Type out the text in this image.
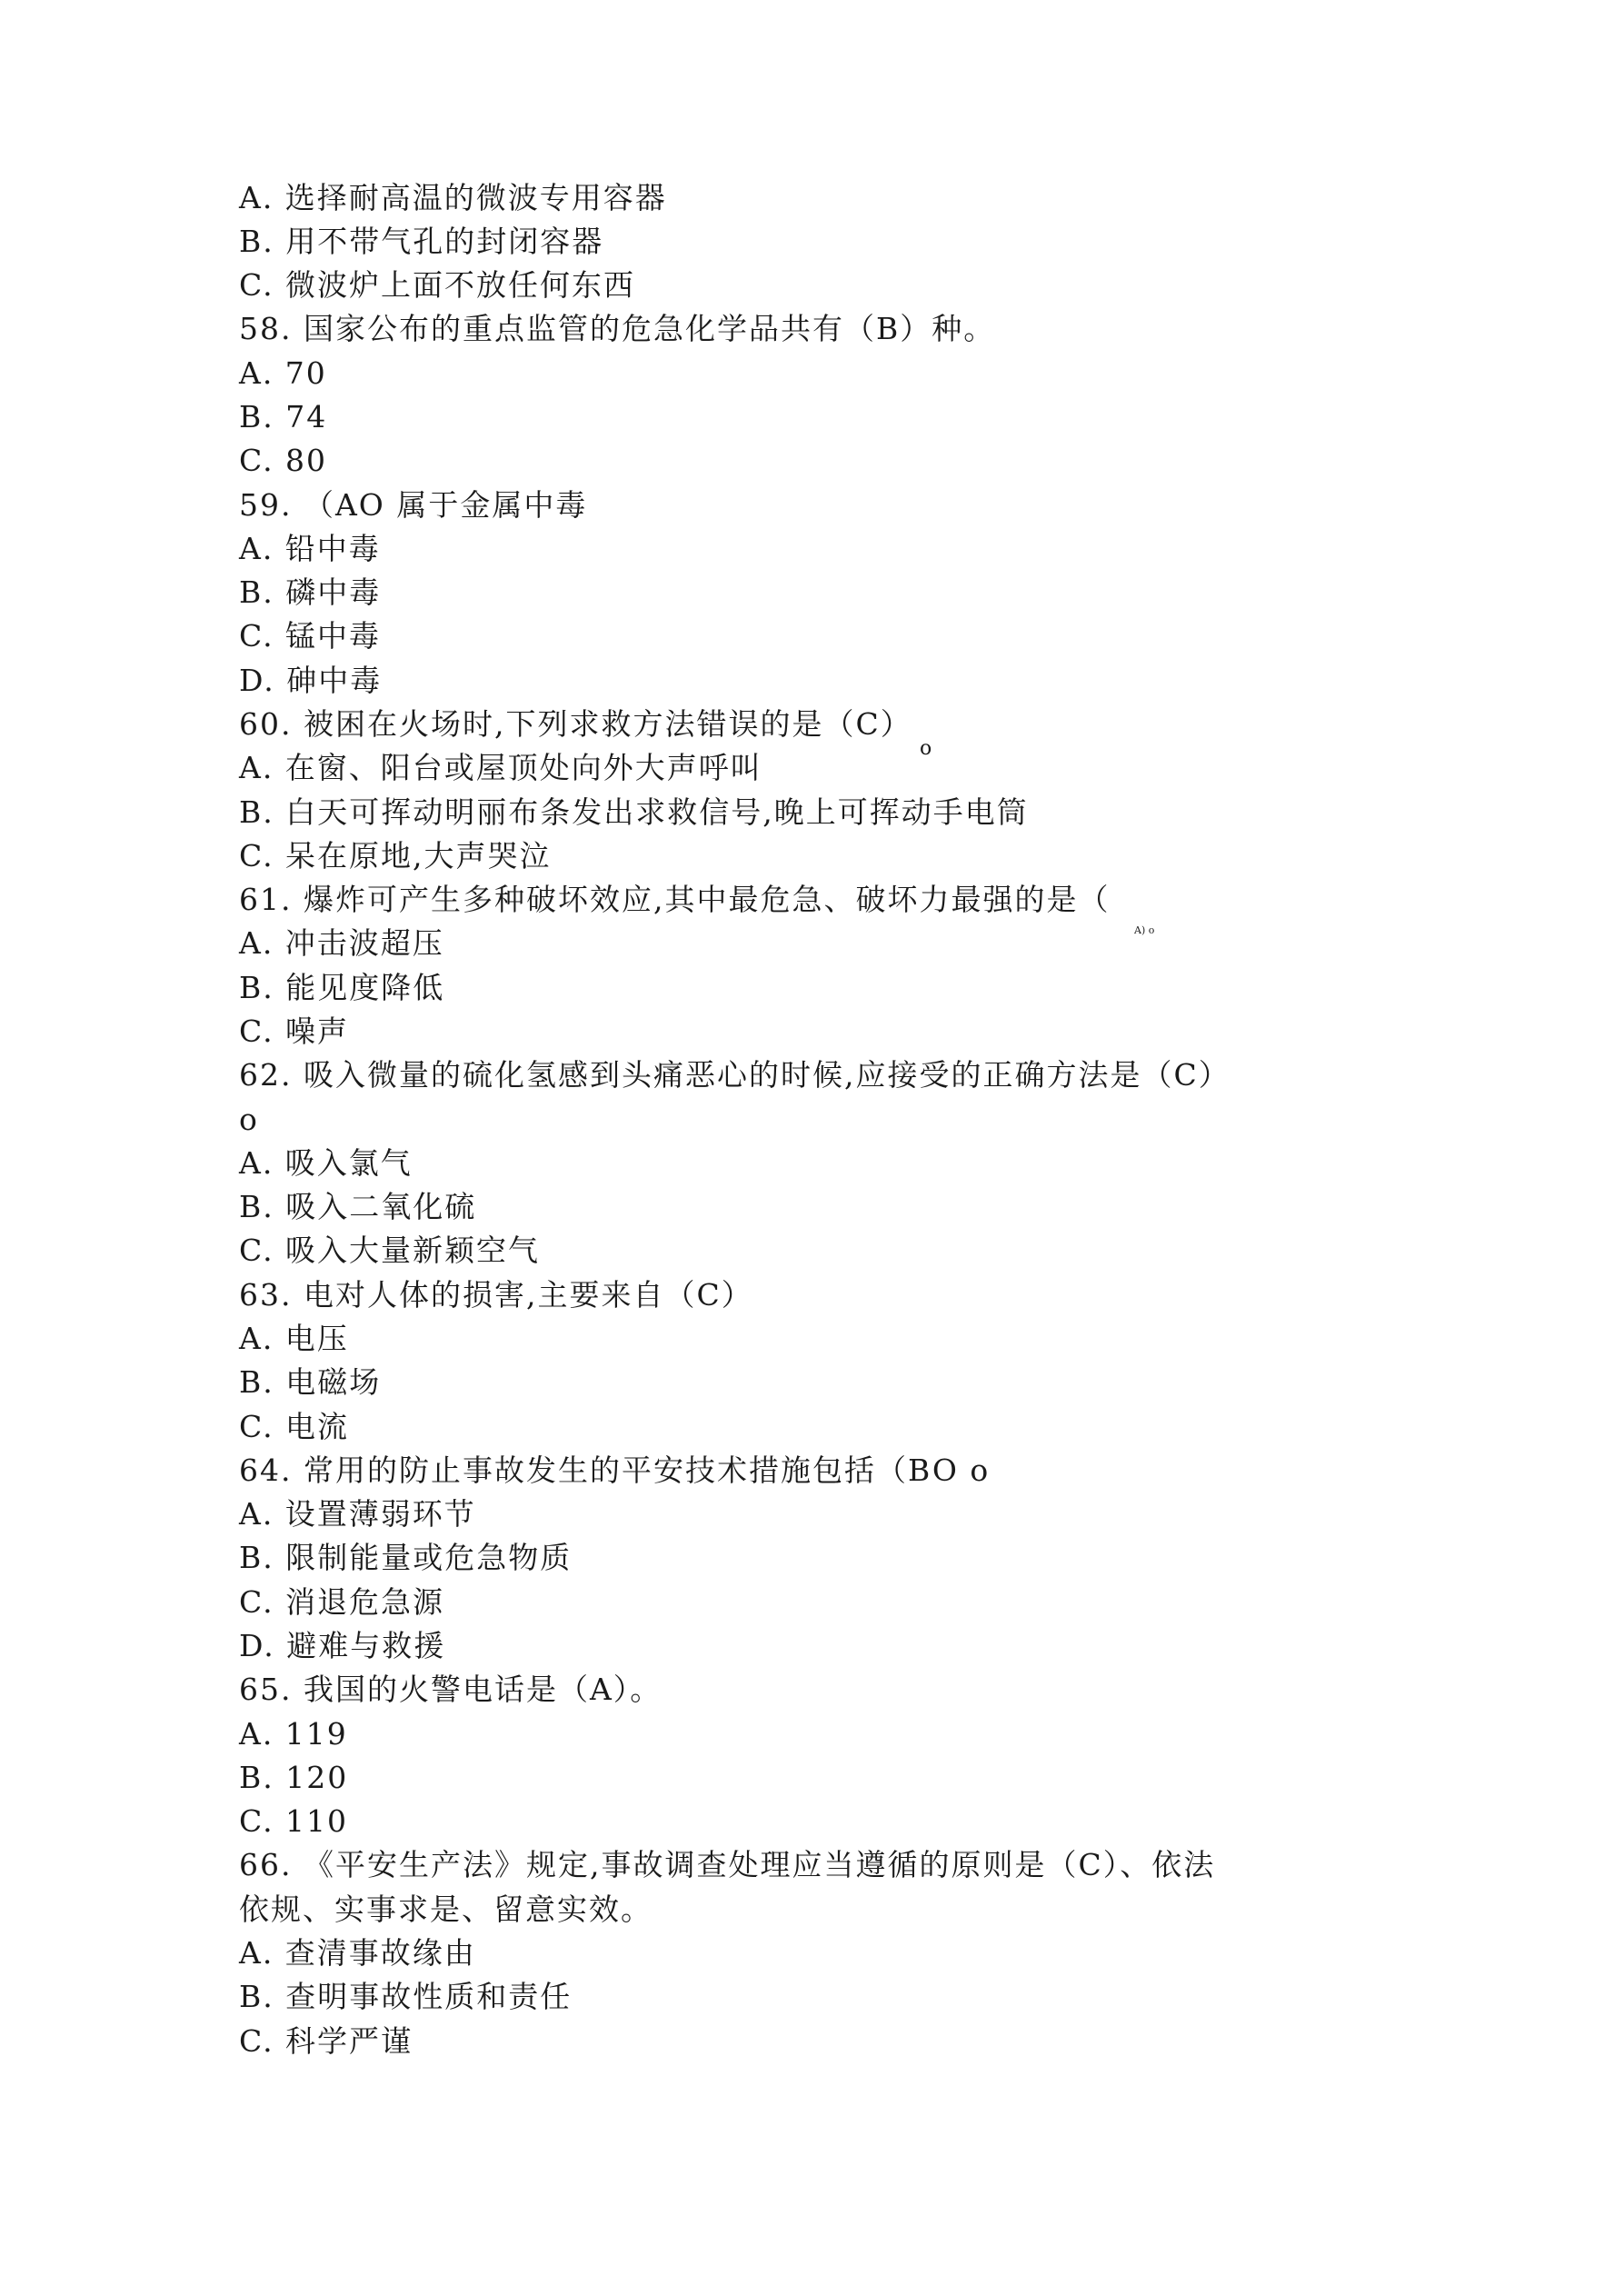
A. 选择耐高温的微波专用容器
B. 用不带气孔的封闭容器
C. 微波炉上面不放任何东西
58. 国家公布的重点监管的危急化学品共有（B）种。
A. 70
B. 74
C. 80
59. （AO 属于金属中毒
A. 铅中毒
B. 磷中毒
C. 锰中毒
D. 砷中毒
60. 被困在火场时,下列求救方法错误的是（C）
o
A. 在窗、阳台或屋顶处向外大声呼叫
B. 白天可挥动明丽布条发出求救信号,晚上可挥动手电筒
C. 呆在原地,大声哭泣
61. 爆炸可产生多种破坏效应,其中最危急、破坏力最强的是（
A) o
A. 冲击波超压
B. 能见度降低
C. 噪声
62. 吸入微量的硫化氢感到头痛恶心的时候,应接受的正确方法是（C）
o
A. 吸入氯气
B. 吸入二氧化硫
C. 吸入大量新颖空气
63. 电对人体的损害,主要来自（C）
A. 电压
B. 电磁场
C. 电流
64. 常用的防止事故发生的平安技术措施包括（BO o
A. 设置薄弱环节
B. 限制能量或危急物质
C. 消退危急源
D. 避难与救援
65. 我国的火警电话是（A）。
A. 119
B. 120
C. 110
66. 《平安生产法》规定,事故调查处理应当遵循的原则是（C）、依法
依规、实事求是、留意实效。
A. 查清事故缘由
B. 查明事故性质和责任
C. 科学严谨
